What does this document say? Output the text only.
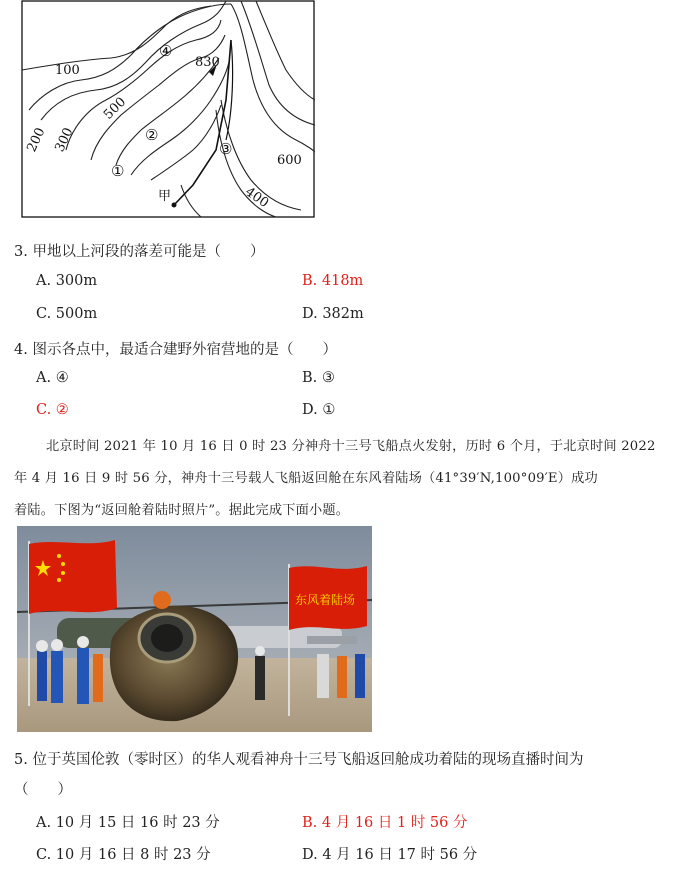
100
200 300
500
830
600
400
①
②
③
④
甲
3. 甲地以上河段的落差可能是（　　）
A. 300m	B. 418m
C. 500m	D. 382m
4. 图示各点中，最适合建野外宿营地的是（　　）
A. ④	B. ③
C. ②	D. ①
北京时间 2021 年 10 月 16 日 0 时 23 分神舟十三号飞船点火发射，历时 6 个月，于北京时间 2022
年 4 月 16 日 9 时 56 分，神舟十三号载人飞船返回舱在东风着陆场（41°39′N,100°09′E）成功
着陆。下图为“返回舱着陆时照片”。据此完成下面小题。
东风着陆场
5. 位于英国伦敦（零时区）的华人观看神舟十三号飞船返回舱成功着陆的现场直播时间为
（　　）
A. 10 月 15 日 16 时 23 分	B. 4 月 16 日 1 时 56 分
C. 10 月 16 日 8 时 23 分	D. 4 月 16 日 17 时 56 分
